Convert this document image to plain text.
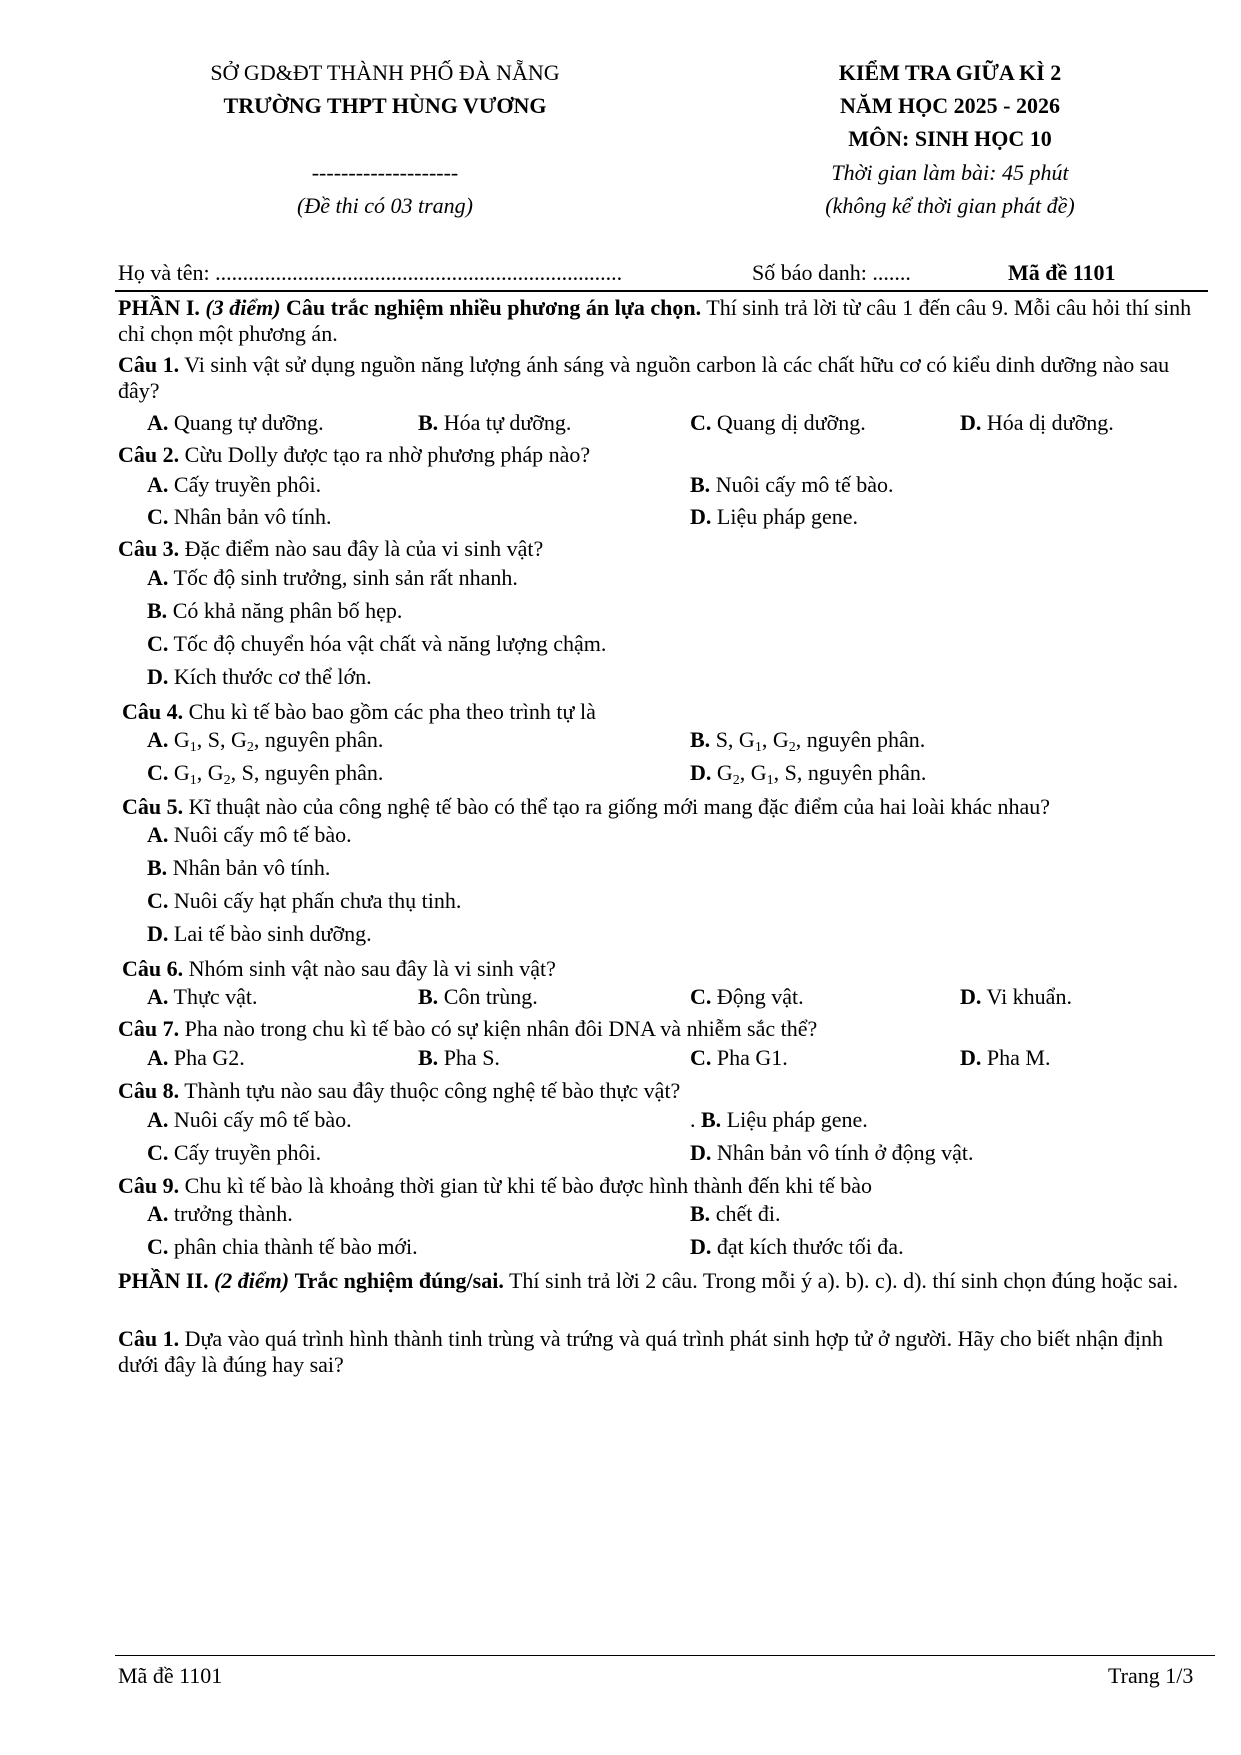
SỞ GD&ĐT THÀNH PHỐ ĐÀ NẴNG
TRƯỜNG THPT HÙNG VƯƠNG
--------------------
(Đề thi có 03 trang)
KIỂM TRA GIỮA KÌ 2
NĂM HỌC 2025 - 2026
MÔN: SINH HỌC 10
Thời gian làm bài: 45 phút
(không kể thời gian phát đề)
Họ và tên: ..........................................................................	Số báo danh: .......	Mã đề 1101
PHẦN I. (3 điểm) Câu trắc nghiệm nhiều phương án lựa chọn. Thí sinh trả lời từ câu 1 đến câu 9. Mỗi câu hỏi thí sinh chỉ chọn một phương án.
Câu 1. Vi sinh vật sử dụng nguồn năng lượng ánh sáng và nguồn carbon là các chất hữu cơ có kiểu dinh dưỡng nào sau đây?
A. Quang tự dưỡng.	B. Hóa tự dưỡng.	C. Quang dị dưỡng.	D. Hóa dị dưỡng.
Câu 2. Cừu Dolly được tạo ra nhờ phương pháp nào?
A. Cấy truyền phôi.	B. Nuôi cấy mô tế bào.
C. Nhân bản vô tính.	D. Liệu pháp gene.
Câu 3. Đặc điểm nào sau đây là của vi sinh vật?
A. Tốc độ sinh trưởng, sinh sản rất nhanh.
B. Có khả năng phân bố hẹp.
C. Tốc độ chuyển hóa vật chất và năng lượng chậm.
D. Kích thước cơ thể lớn.
Câu 4. Chu kì tế bào bao gồm các pha theo trình tự là
A. $G_1$, S, $G_2$, nguyên phân.	B. S, $G_1$, $G_2$, nguyên phân.
C. $G_1$, $G_2$, S, nguyên phân.	D. $G_2$, $G_1$, S, nguyên phân.
Câu 5. Kĩ thuật nào của công nghệ tế bào có thể tạo ra giống mới mang đặc điểm của hai loài khác nhau?
A. Nuôi cấy mô tế bào.
B. Nhân bản vô tính.
C. Nuôi cấy hạt phấn chưa thụ tinh.
D. Lai tế bào sinh dưỡng.
Câu 6. Nhóm sinh vật nào sau đây là vi sinh vật?
A. Thực vật.	B. Côn trùng.	C. Động vật.	D. Vi khuẩn.
Câu 7. Pha nào trong chu kì tế bào có sự kiện nhân đôi DNA và nhiễm sắc thể?
A. Pha G2.	B. Pha S.	C. Pha G1.	D. Pha M.
Câu 8. Thành tựu nào sau đây thuộc công nghệ tế bào thực vật?
A. Nuôi cấy mô tế bào.	. B. Liệu pháp gene.
C. Cấy truyền phôi.	D. Nhân bản vô tính ở động vật.
Câu 9. Chu kì tế bào là khoảng thời gian từ khi tế bào được hình thành đến khi tế bào
A. trưởng thành.	B. chết đi.
C. phân chia thành tế bào mới.	D. đạt kích thước tối đa.
PHẦN II. (2 điểm) Trắc nghiệm đúng/sai. Thí sinh trả lời 2 câu. Trong mỗi ý a). b). c). d). thí sinh chọn đúng hoặc sai.
Câu 1. Dựa vào quá trình hình thành tinh trùng và trứng và quá trình phát sinh hợp tử ở người. Hãy cho biết nhận định dưới đây là đúng hay sai?
Mã đề 1101	Trang 1/3
